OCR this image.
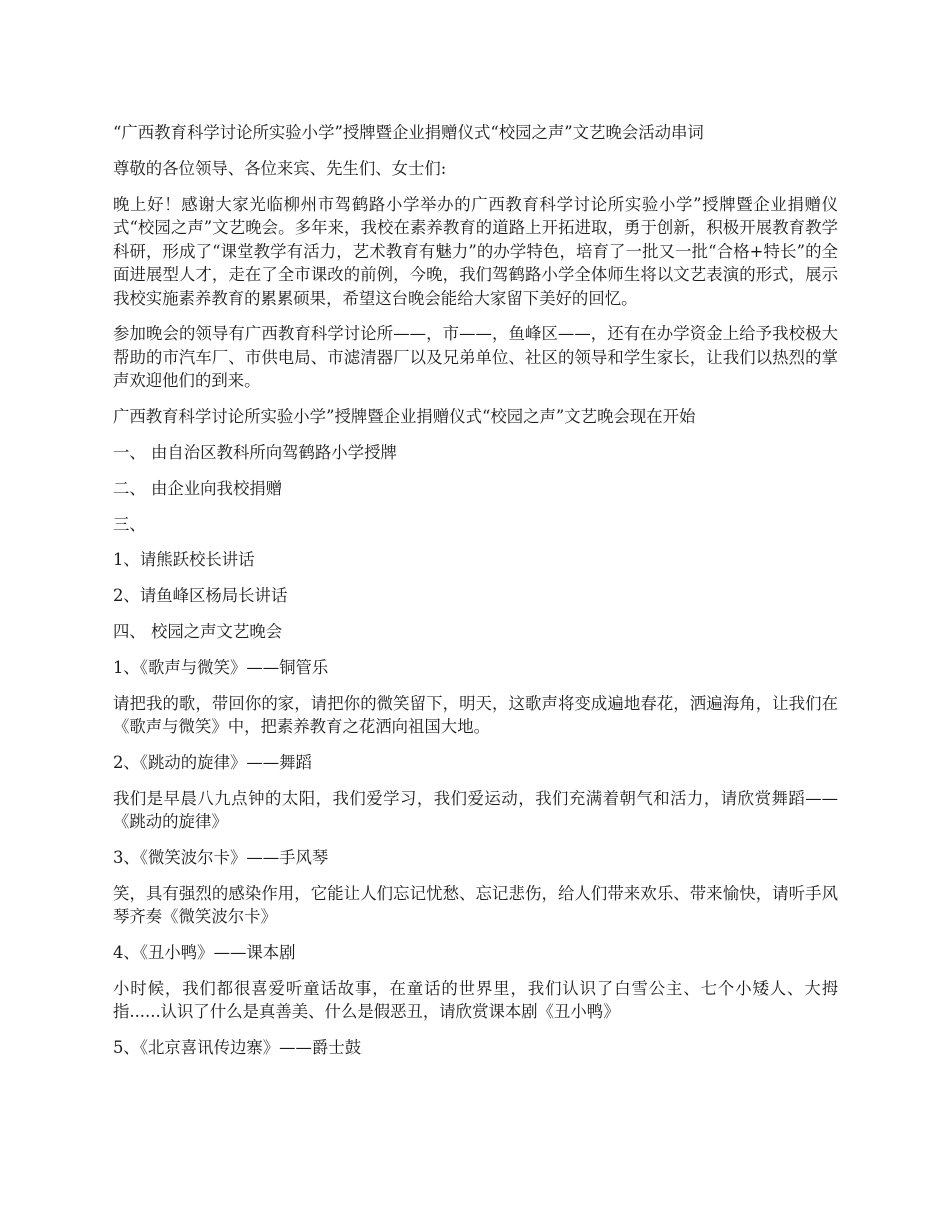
“广西教育科学讨论所实验小学”授牌暨企业捐赠仪式“校园之声”文艺晚会活动串词

尊敬的各位领导、各位来宾、先生们、女士们:

晚上好！感谢大家光临柳州市驾鹤路小学举办的广西教育科学讨论所实验小学”授牌暨企业捐赠仪式“校园之声”文艺晚会。多年来，我校在素养教育的道路上开拓进取，勇于创新，积极开展教育教学科研，形成了“课堂教学有活力，艺术教育有魅力”的办学特色，培育了一批又一批“合格+特长”的全面进展型人才，走在了全市课改的前例，今晚，我们驾鹤路小学全体师生将以文艺表演的形式，展示我校实施素养教育的累累硕果，希望这台晚会能给大家留下美好的回忆。

参加晚会的领导有广西教育科学讨论所——，市——，鱼峰区——，还有在办学资金上给予我校极大帮助的市汽车厂、市供电局、市滤清器厂以及兄弟单位、社区的领导和学生家长，让我们以热烈的掌声欢迎他们的到来。

广西教育科学讨论所实验小学”授牌暨企业捐赠仪式“校园之声”文艺晚会现在开始

一、 由自治区教科所向驾鹤路小学授牌

二、 由企业向我校捐赠

三、

1、请熊跃校长讲话

2、请鱼峰区杨局长讲话

四、 校园之声文艺晚会

1、《歌声与微笑》——铜管乐

请把我的歌，带回你的家，请把你的微笑留下，明天，这歌声将变成遍地春花，洒遍海角，让我们在《歌声与微笑》中，把素养教育之花洒向祖国大地。

2、《跳动的旋律》——舞蹈

我们是早晨八九点钟的太阳，我们爱学习，我们爱运动，我们充满着朝气和活力，请欣赏舞蹈——《跳动的旋律》

3、《微笑波尔卡》——手风琴

笑，具有强烈的感染作用，它能让人们忘记忧愁、忘记悲伤，给人们带来欢乐、带来愉快，请听手风琴齐奏《微笑波尔卡》

4、《丑小鸭》——课本剧

小时候，我们都很喜爱听童话故事，在童话的世界里，我们认识了白雪公主、七个小矮人、大拇指......认识了什么是真善美、什么是假恶丑，请欣赏课本剧《丑小鸭》

5、《北京喜讯传边寨》——爵士鼓
